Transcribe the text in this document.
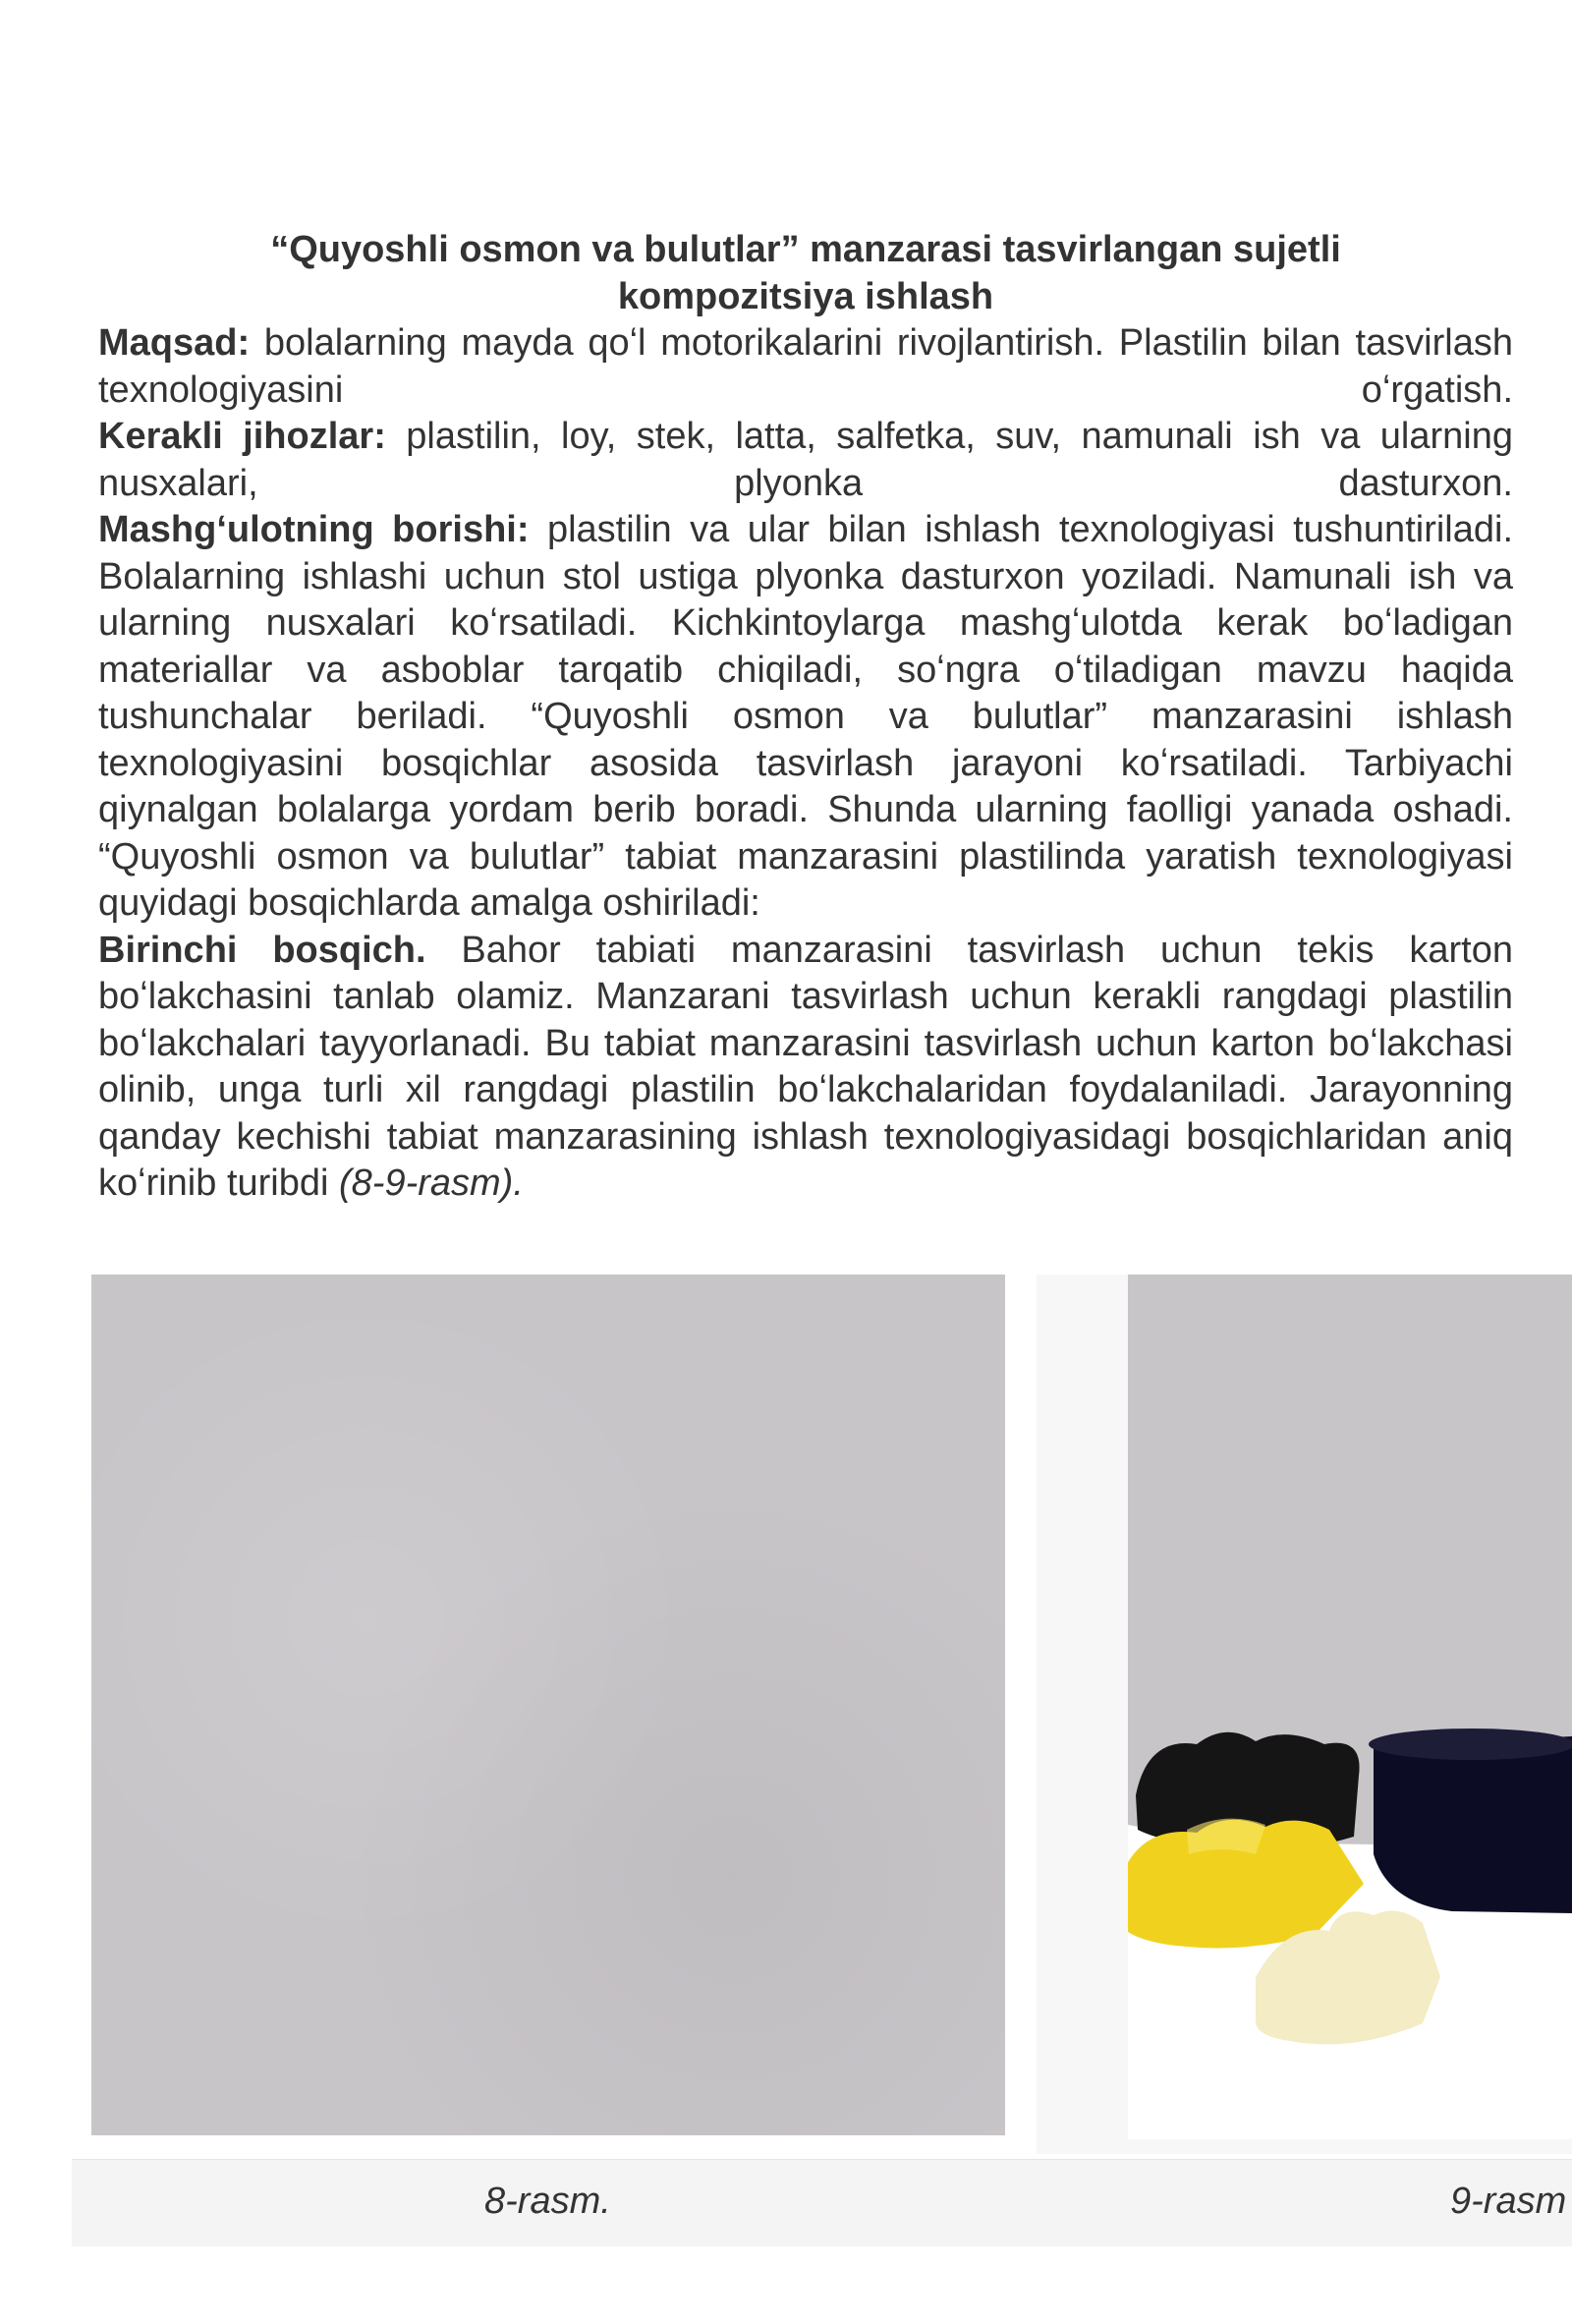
“Quyoshli osmon va bulutlar” manzarasi tasvirlangan sujetli
kompozitsiya ishlash

Maqsad: bolalarning mayda qoʻl motorikalarini rivojlantirish. Plastilin bilan tasvirlash texnologiyasini oʻrgatish.

Kerakli jihozlar: plastilin, loy, stek, latta, salfetka, suv, namunali ish va ularning nusxalari, plyonka dasturxon.

Mashgʻulotning borishi: plastilin va ular bilan ishlash texnologiyasi tushuntiriladi. Bolalarning ishlashi uchun stol ustiga plyonka dasturxon yoziladi. Namunali ish va ularning nusxalari koʻrsatiladi. Kichkintoylarga mashgʻulotda kerak boʻladigan materiallar va asboblar tarqatib chiqiladi, soʻngra oʻtiladigan mavzu haqida tushunchalar beriladi. “Quyoshli osmon va bulutlar” manzarasini ishlash texnologiyasini bosqichlar asosida tasvirlash jarayoni koʻrsatiladi. Tarbiyachi qiynalgan bolalarga yordam berib boradi. Shunda ularning faolligi yanada oshadi.

“Quyoshli osmon va bulutlar” tabiat manzarasini plastilinda yaratish texnologiyasi quyidagi bosqichlarda amalga oshiriladi:

Birinchi bosqich. Bahor tabiati manzarasini tasvirlash uchun tekis karton boʻlakchasini tanlab olamiz. Manzarani tasvirlash uchun kerakli rangdagi plastilin boʻlakchalari tayyorlanadi. Bu tabiat manzarasini tasvirlash uchun karton boʻlakchasi olinib, unga turli xil rangdagi plastilin boʻlakchalaridan foydalaniladi. Jarayonning qanday kechishi tabiat manzarasining ishlash texnologiyasidagi bosqichlaridan aniq koʻrinib turibdi (8-9-rasm).

8-rasm.	9-rasm
